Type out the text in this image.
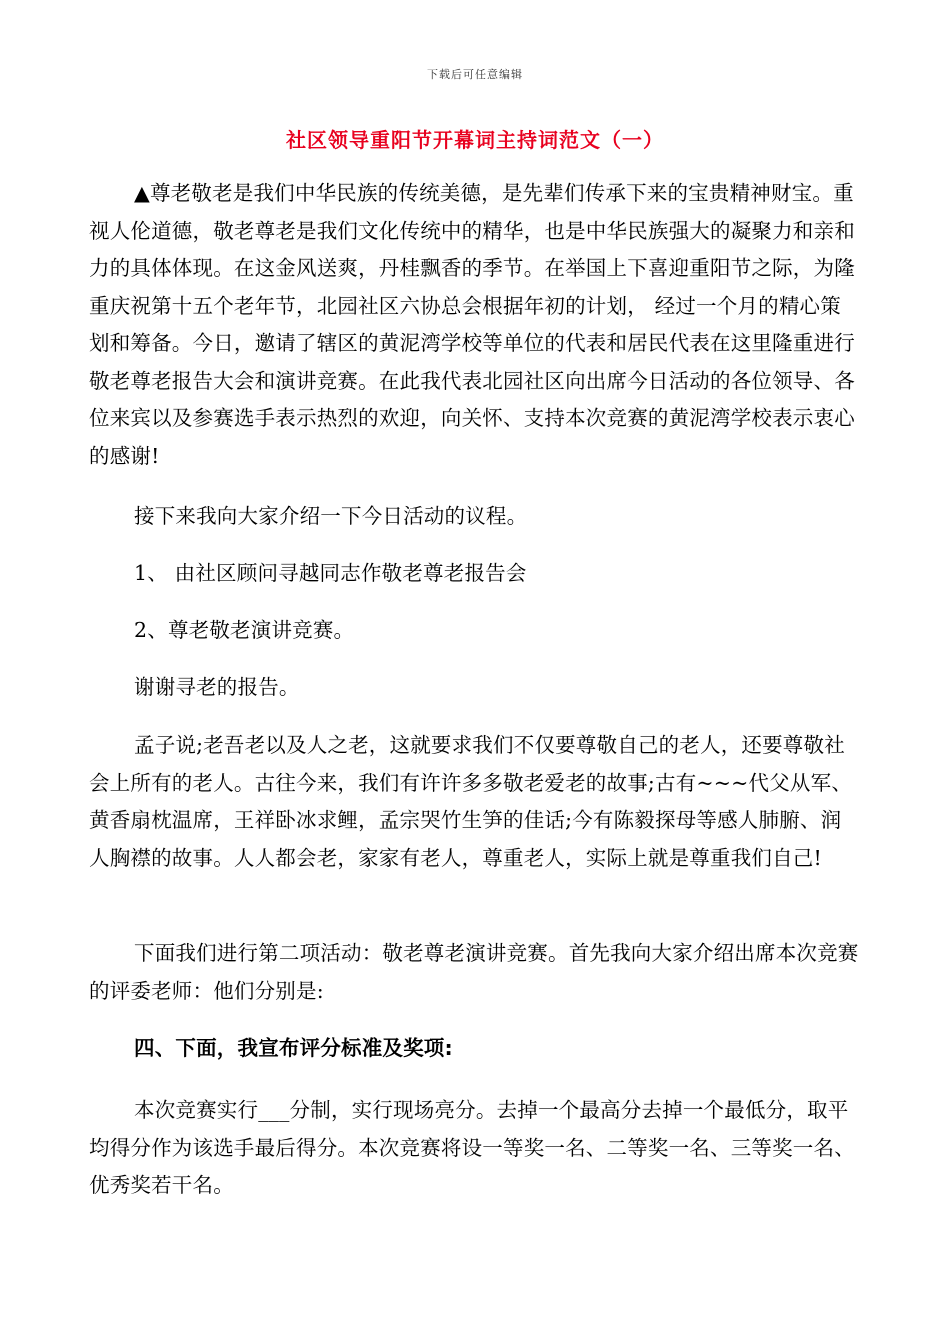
下载后可任意编辑
社区领导重阳节开幕词主持词范文（一）

▲尊老敬老是我们中华民族的传统美德，是先辈们传承下来的宝贵精神财宝。重视人伦道德，敬老尊老是我们文化传统中的精华，也是中华民族强大的凝聚力和亲和力的具体体现。在这金风送爽，丹桂飘香的季节。在举国上下喜迎重阳节之际，为隆重庆祝第十五个老年节，北园社区六协总会根据年初的计划， 经过一个月的精心策划和筹备。今日，邀请了辖区的黄泥湾学校等单位的代表和居民代表在这里隆重进行敬老尊老报告大会和演讲竞赛。在此我代表北园社区向出席今日活动的各位领导、各位来宾以及参赛选手表示热烈的欢迎，向关怀、支持本次竞赛的黄泥湾学校表示衷心的感谢!

接下来我向大家介绍一下今日活动的议程。

1、 由社区顾问寻越同志作敬老尊老报告会

2、尊老敬老演讲竞赛。

谢谢寻老的报告。

孟子说;老吾老以及人之老，这就要求我们不仅要尊敬自己的老人，还要尊敬社会上所有的老人。古往今来，我们有许许多多敬老爱老的故事;古有~~~代父从军、黄香扇枕温席，王祥卧冰求鲤，孟宗哭竹生笋的佳话;今有陈毅探母等感人肺腑、润人胸襟的故事。人人都会老，家家有老人，尊重老人，实际上就是尊重我们自己!

下面我们进行第二项活动：敬老尊老演讲竞赛。首先我向大家介绍出席本次竞赛的评委老师：他们分别是:

四、下面，我宣布评分标准及奖项:

本次竞赛实行___分制，实行现场亮分。去掉一个最高分去掉一个最低分，取平均得分作为该选手最后得分。本次竞赛将设一等奖一名、二等奖一名、三等奖一名、优秀奖若干名。
